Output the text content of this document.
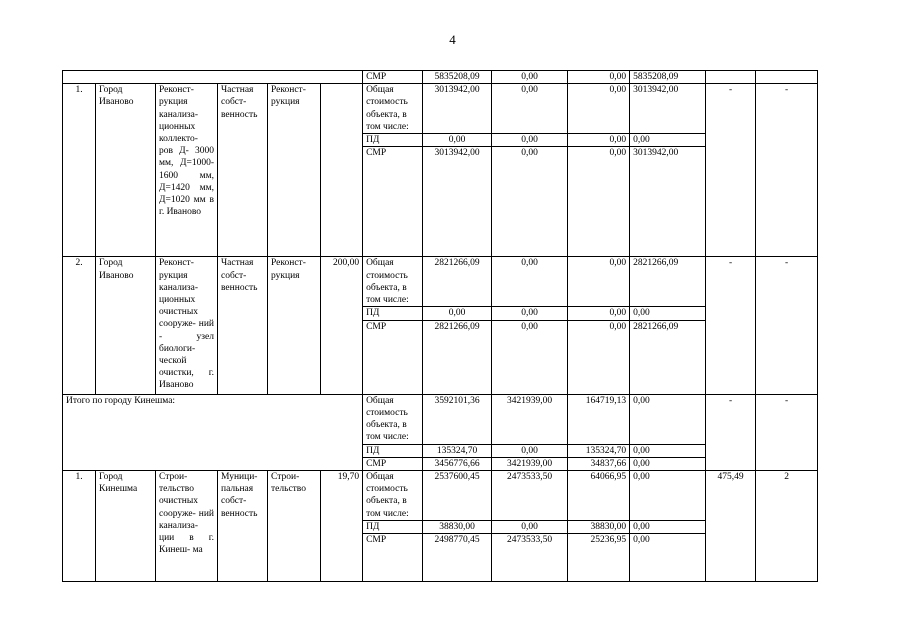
4
						СМР	5835208,09	0,00	0,00	5835208,09		
1.	Город Иваново	Реконст- рукция канализа- ционных коллекто- ров Д- 3000 мм, Д=1000- 1600 мм, Д=1420 мм, Д=1020 мм в г. Иваново	Частная собст- венность	Реконст- рукция		Общая стоимость объекта, в том числе:	3013942,00	0,00	0,00	3013942,00	-	-
						ПД	0,00	0,00	0,00	0,00		
						СМР	3013942,00	0,00	0,00	3013942,00		
2.	Город Иваново	Реконст- рукция канализа- ционных очистных сооруже- ний - узел биологи- ческой очистки, г. Иваново	Частная собст- венность	Реконст- рукция	200,00	Общая стоимость объекта, в том числе:	2821266,09	0,00	0,00	2821266,09	-	-
						ПД	0,00	0,00	0,00	0,00		
						СМР	2821266,09	0,00	0,00	2821266,09		
Итого по городу Кинешма:						Общая стоимость объекта, в том числе:	3592101,36	3421939,00	164719,13	0,00	-	-
						ПД	135324,70	0,00	135324,70	0,00		
						СМР	3456776,66	3421939,00	34837,66	0,00		
1.	Город Кинешма	Строи- тельство очистных сооруже- ний канализа- ции в г. Кинеш- ма	Муници- пальная собст- венность	Строи- тельство	19,70	Общая стоимость объекта, в том числе:	2537600,45	2473533,50	64066,95	0,00	475,49	2
						ПД	38830,00	0,00	38830,00	0,00		
						СМР	2498770,45	2473533,50	25236,95	0,00		
